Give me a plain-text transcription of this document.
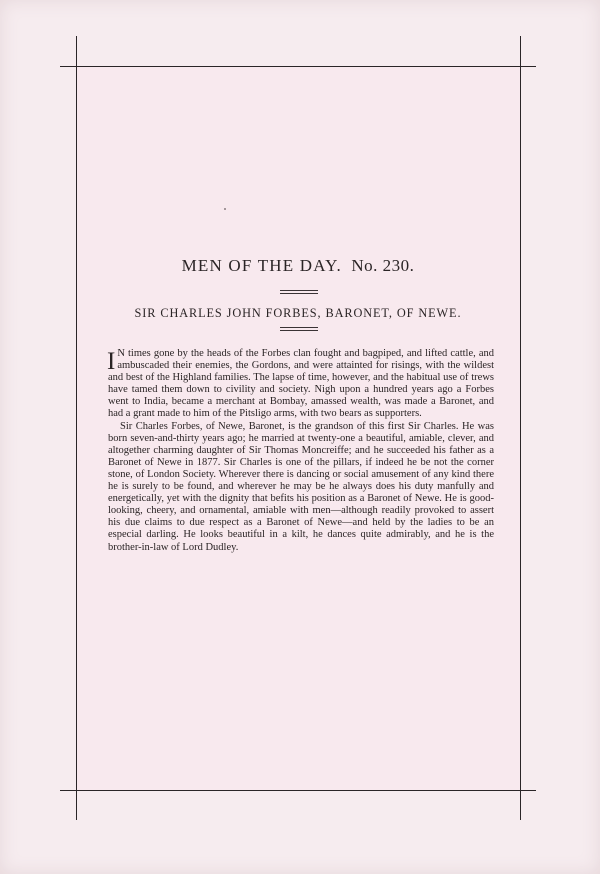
MEN OF THE DAY. No. 230.
SIR CHARLES JOHN FORBES, BARONET, OF NEWE.

I N times gone by the heads of the Forbes clan fought and bagpiped, and lifted cattle, and ambuscaded their enemies, the Gordons, and were attainted for risings, with the wildest and best of the Highland families. The lapse of time, however, and the habitual use of trews have tamed them down to civility and society. Nigh upon a hundred years ago a Forbes went to India, became a merchant at Bombay, amassed wealth, was made a Baronet, and had a grant made to him of the Pitsligo arms, with two bears as supporters.

Sir Charles Forbes, of Newe, Baronet, is the grandson of this first Sir Charles. He was born seven-and-thirty years ago; he married at twenty-one a beautiful, amiable, clever, and altogether charming daughter of Sir Thomas Moncreiffe; and he succeeded his father as a Baronet of Newe in 1877. Sir Charles is one of the pillars, if indeed he be not the corner stone, of London Society. Wherever there is dancing or social amusement of any kind there he is surely to be found, and wherever he may be he always does his duty manfully and energetically, yet with the dignity that befits his position as a Baronet of Newe. He is good-looking, cheery, and ornamental, amiable with men—although readily provoked to assert his due claims to due respect as a Baronet of Newe—and held by the ladies to be an especial darling. He looks beautiful in a kilt, he dances quite admirably, and he is the brother-in-law of Lord Dudley.
